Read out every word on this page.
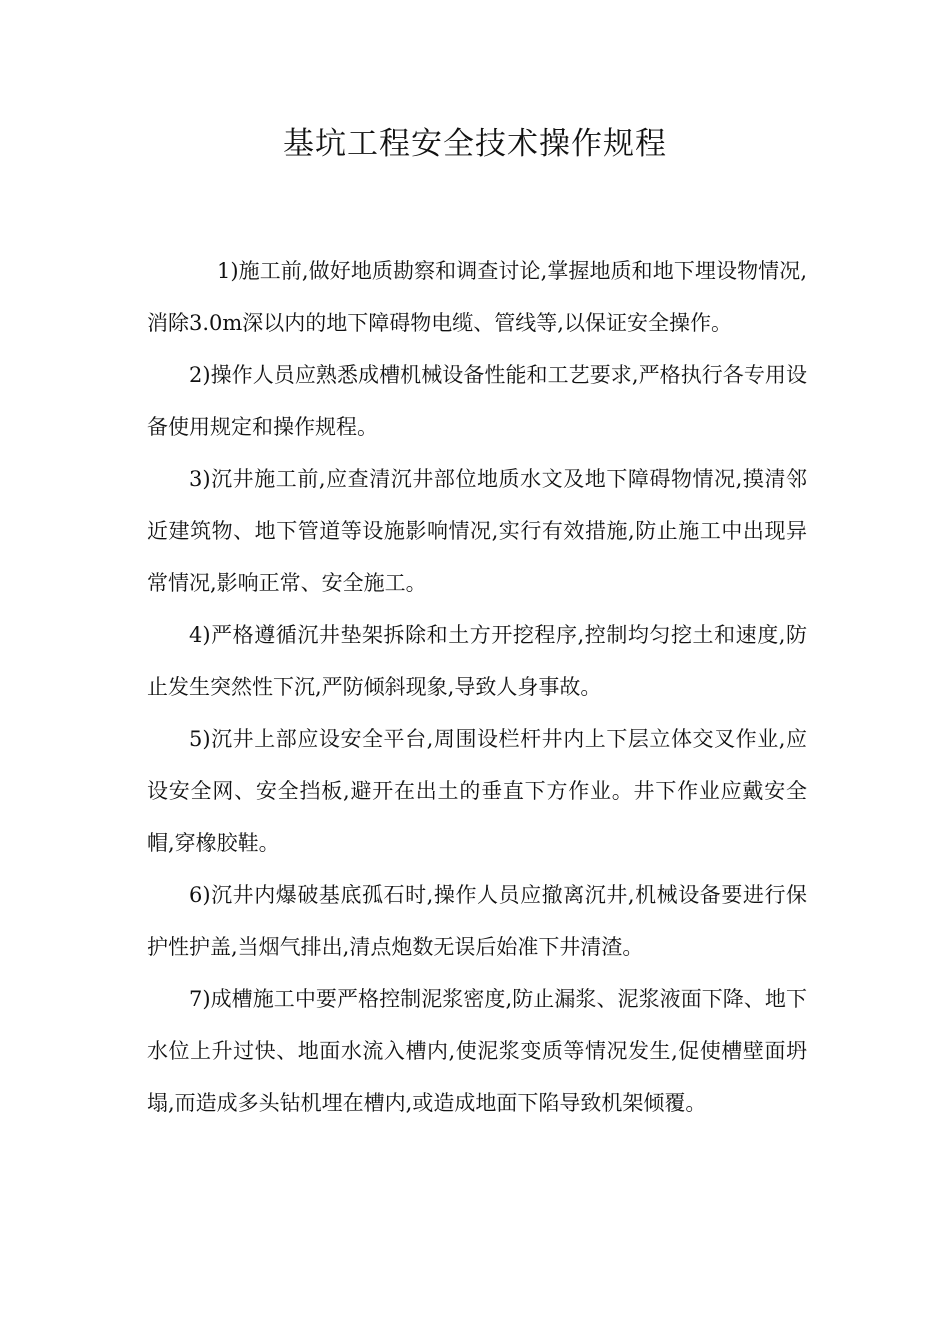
基坑工程安全技术操作规程

1)施工前,做好地质勘察和调查讨论,掌握地质和地下埋设物情况,消除3.0m深以内的地下障碍物电缆、管线等,以保证安全操作。

2)操作人员应熟悉成槽机械设备性能和工艺要求,严格执行各专用设备使用规定和操作规程。

3)沉井施工前,应查清沉井部位地质水文及地下障碍物情况,摸清邻近建筑物、地下管道等设施影响情况,实行有效措施,防止施工中出现异常情况,影响正常、安全施工。

4)严格遵循沉井垫架拆除和土方开挖程序,控制均匀挖土和速度,防止发生突然性下沉,严防倾斜现象,导致人身事故。

5)沉井上部应设安全平台,周围设栏杆井内上下层立体交叉作业,应设安全网、安全挡板,避开在出土的垂直下方作业。井下作业应戴安全帽,穿橡胶鞋。

6)沉井内爆破基底孤石时,操作人员应撤离沉井,机械设备要进行保护性护盖,当烟气排出,清点炮数无误后始准下井清渣。

7)成槽施工中要严格控制泥浆密度,防止漏浆、泥浆液面下降、地下水位上升过快、地面水流入槽内,使泥浆变质等情况发生,促使槽壁面坍塌,而造成多头钻机埋在槽内,或造成地面下陷导致机架倾覆。
